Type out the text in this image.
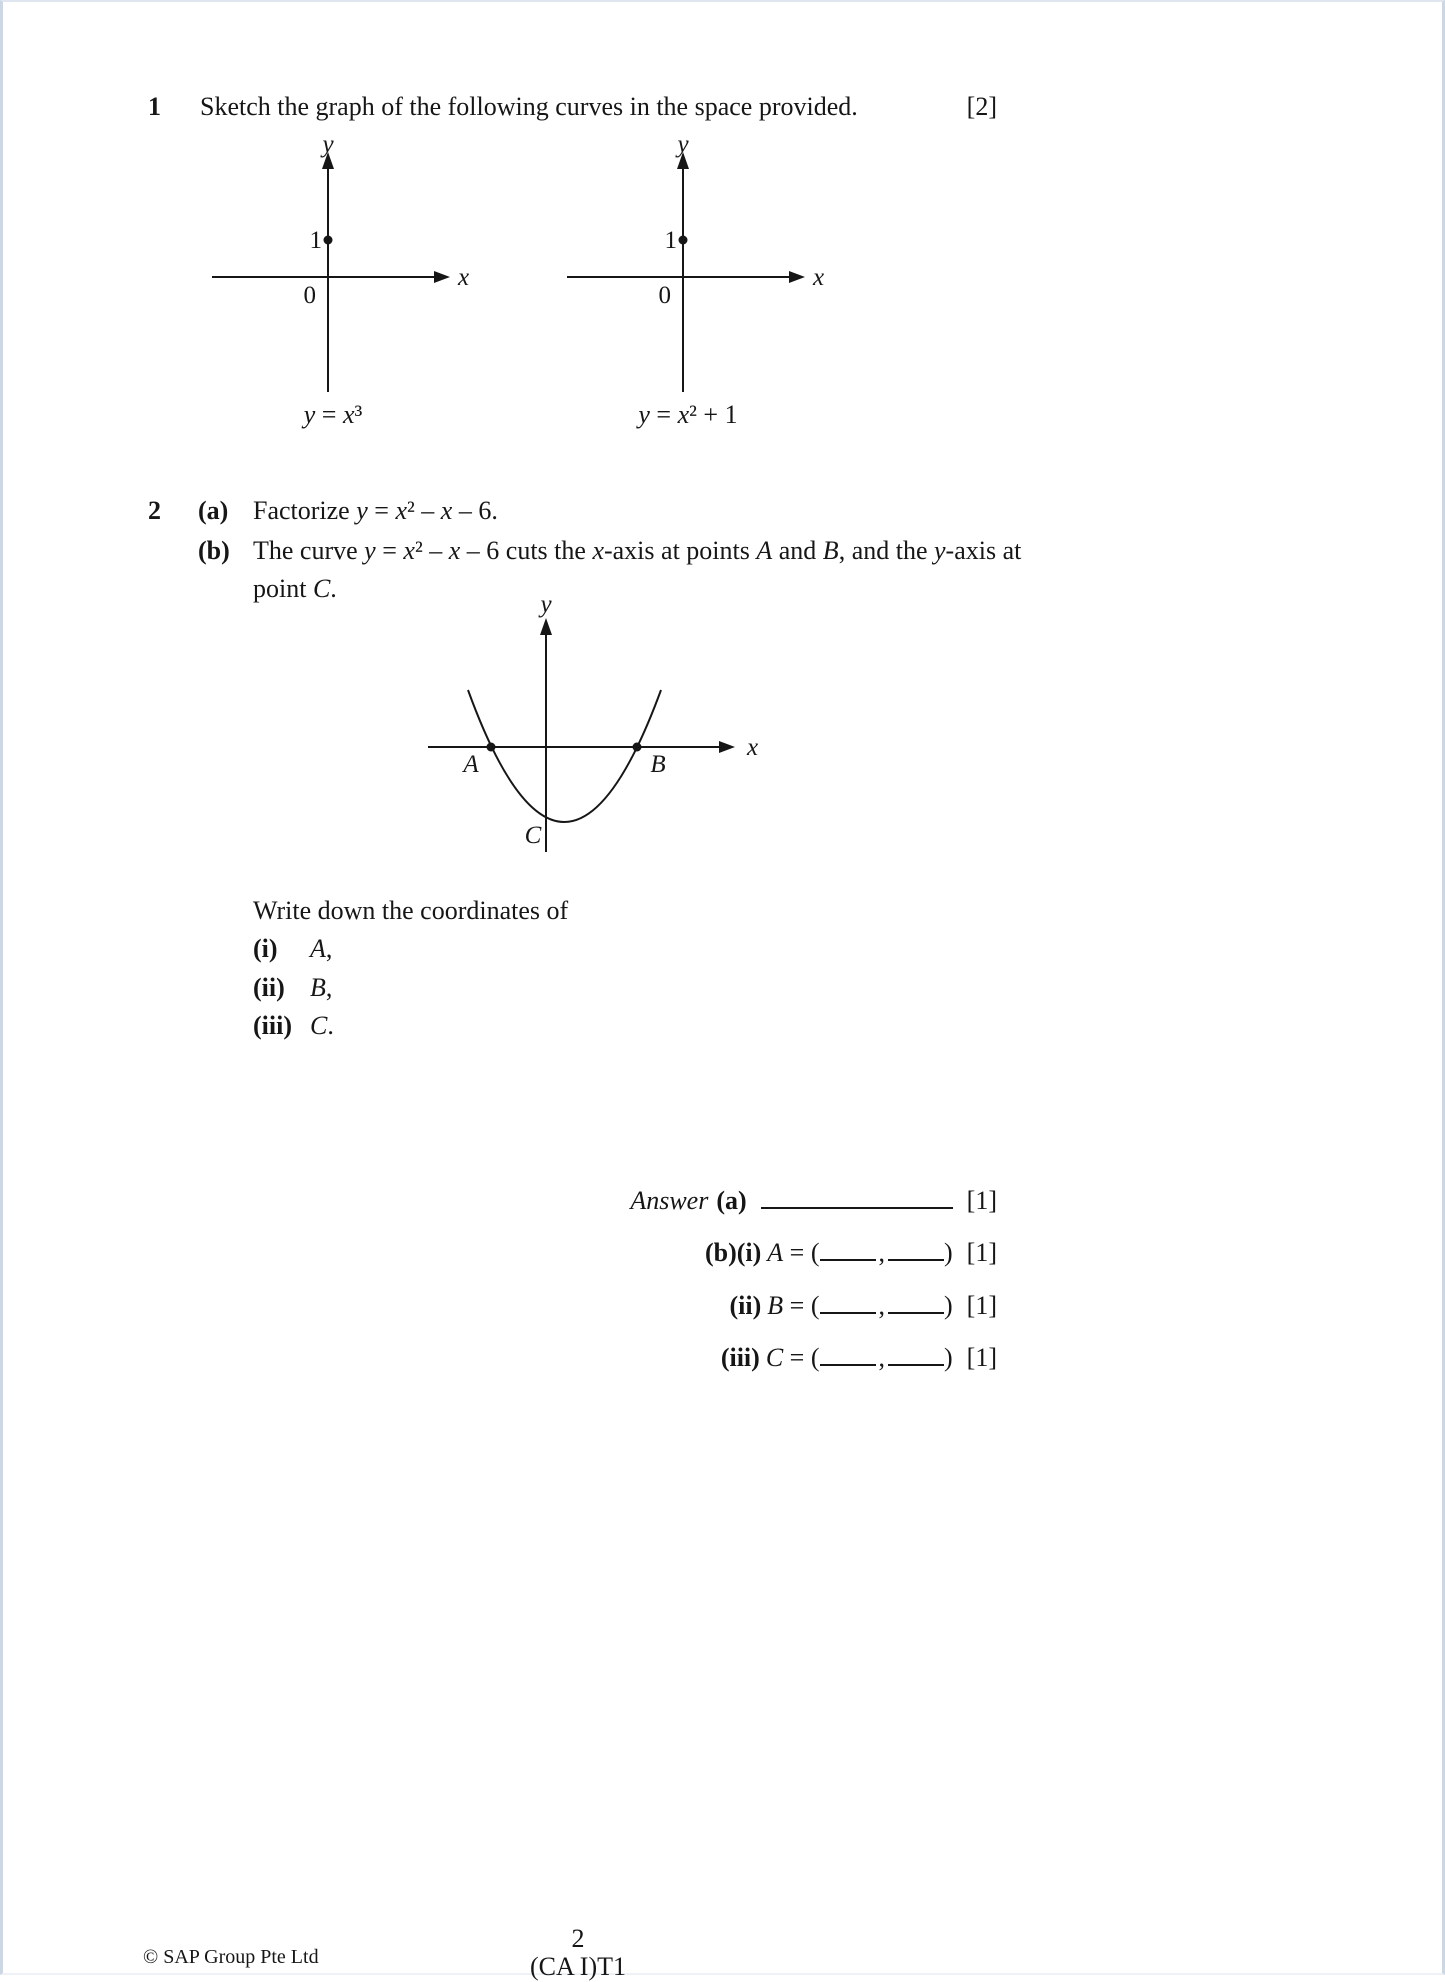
1 Sketch the graph of the following curves in the space provided.	[2]
y
x
1
0
y = x³
y
x
1
0
y = x² + 1
2 (a) Factorize y = x² – x – 6.
(b) The curve y = x² – x – 6 cuts the x-axis at points A and B, and the y-axis at
point C.
y
x
A	B
C
Write down the coordinates of
(i) A,
(ii) B,
(iii) C.
Answer (a)	[1]
(b)(i) A = ( , ) [1]
(ii) B = ( , ) [1]
(iii) C = ( , ) [1]
2
(CA I)T1
© SAP Group Pte Ltd
